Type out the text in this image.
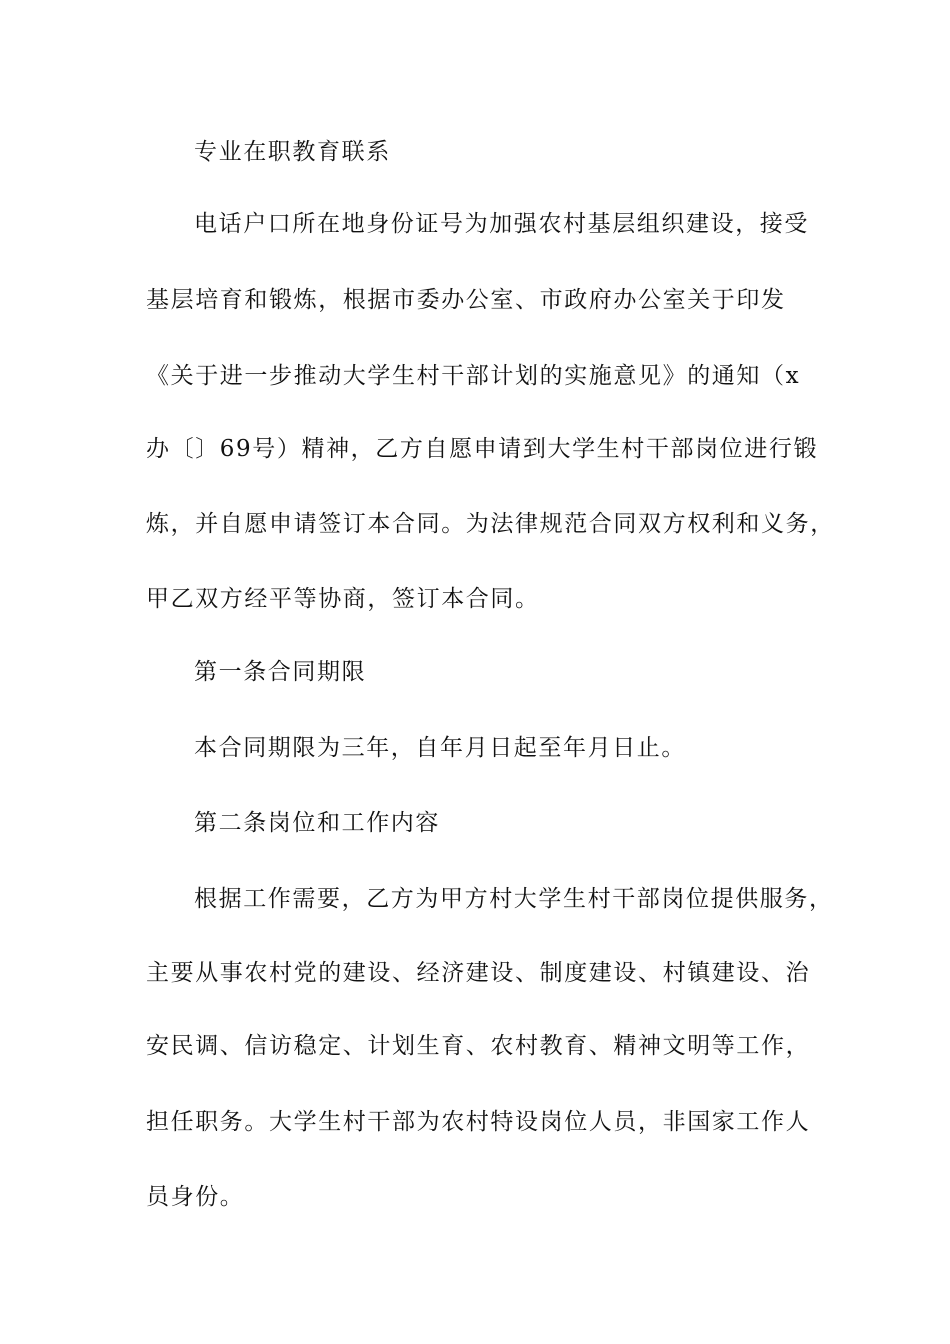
专业在职教育联系
电话户口所在地身份证号为加强农村基层组织建设，接受
基层培育和锻炼，根据市委办公室、市政府办公室关于印发
《关于进一步推动大学生村干部计划的实施意见》的通知（x
办〔〕69号）精神，乙方自愿申请到大学生村干部岗位进行锻
炼，并自愿申请签订本合同。为法律规范合同双方权利和义务，
甲乙双方经平等协商，签订本合同。
第一条合同期限
本合同期限为三年，自年月日起至年月日止。
第二条岗位和工作内容
根据工作需要，乙方为甲方村大学生村干部岗位提供服务，
主要从事农村党的建设、经济建设、制度建设、村镇建设、治
安民调、信访稳定、计划生育、农村教育、精神文明等工作，
担任职务。大学生村干部为农村特设岗位人员，非国家工作人
员身份。
